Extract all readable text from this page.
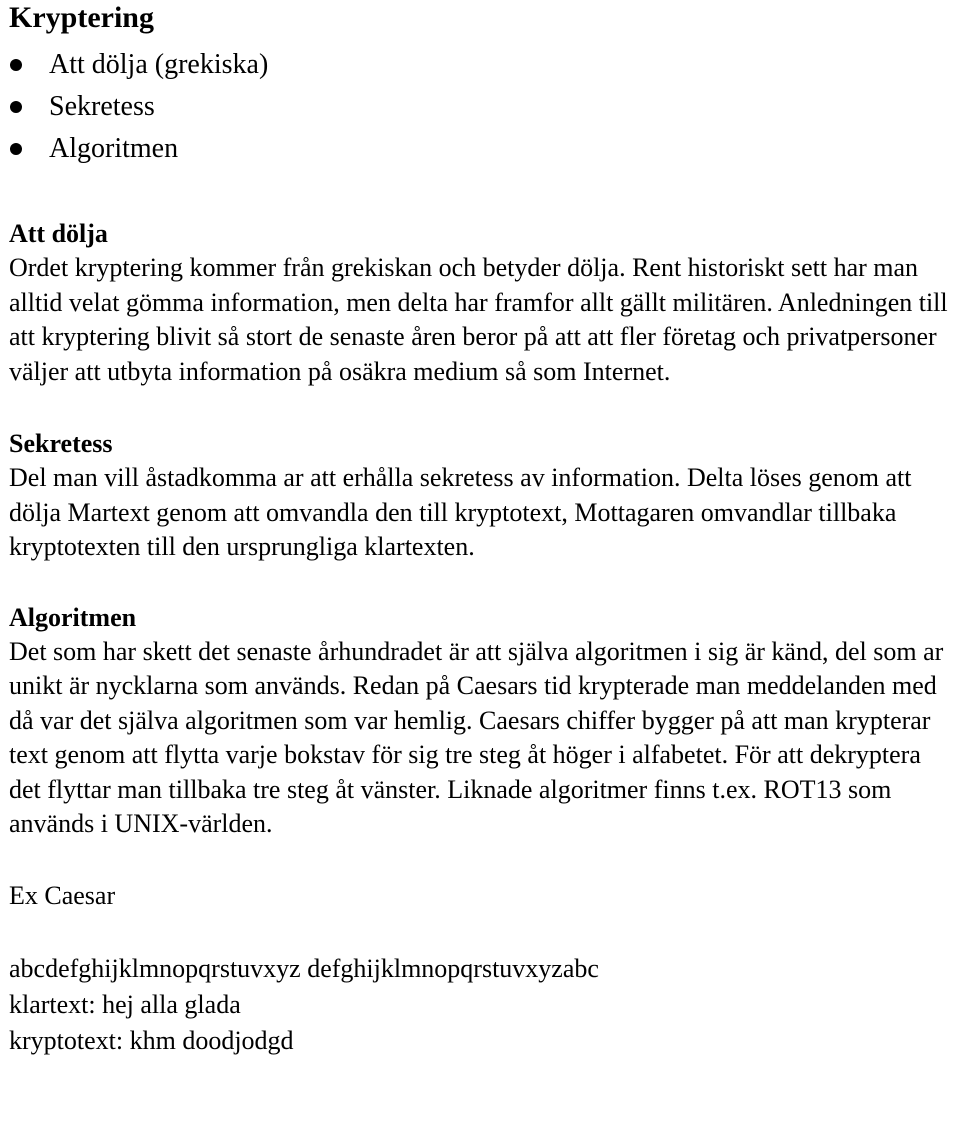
Kryptering
Att dölja (grekiska)
Sekretess
Algoritmen
Att dölja

Ordet kryptering kommer från grekiskan och betyder dölja. Rent historiskt sett har man alltid velat gömma information, men delta har framfor allt gällt militären. Anledningen till att kryptering blivit så stort de senaste åren beror på att att fler företag och privatpersoner väljer att utbyta information på osäkra medium så som Internet.

Sekretess

Del man vill åstadkomma ar att erhålla sekretess av information. Delta löses genom att dölja Martext genom att omvandla den till kryptotext, Mottagaren omvandlar tillbaka kryptotexten till den ursprungliga klartexten.

Algoritmen

Det som har skett det senaste århundradet är att själva algoritmen i sig är känd, del som ar unikt är nycklarna som används. Redan på Caesars tid krypterade man meddelanden med då var det själva algoritmen som var hemlig. Caesars chiffer bygger på att man krypterar text genom att flytta varje bokstav för sig tre steg åt höger i alfabetet. För att dekryptera det flyttar man tillbaka tre steg åt vänster. Liknade algoritmer finns t.ex. ROT13 som används i UNIX-världen.

Ex Caesar

abcdefghijklmnopqrstuvxyz defghijklmnopqrstuvxyzabc

klartext: hej alla glada

kryptotext: khm doodjodgd
